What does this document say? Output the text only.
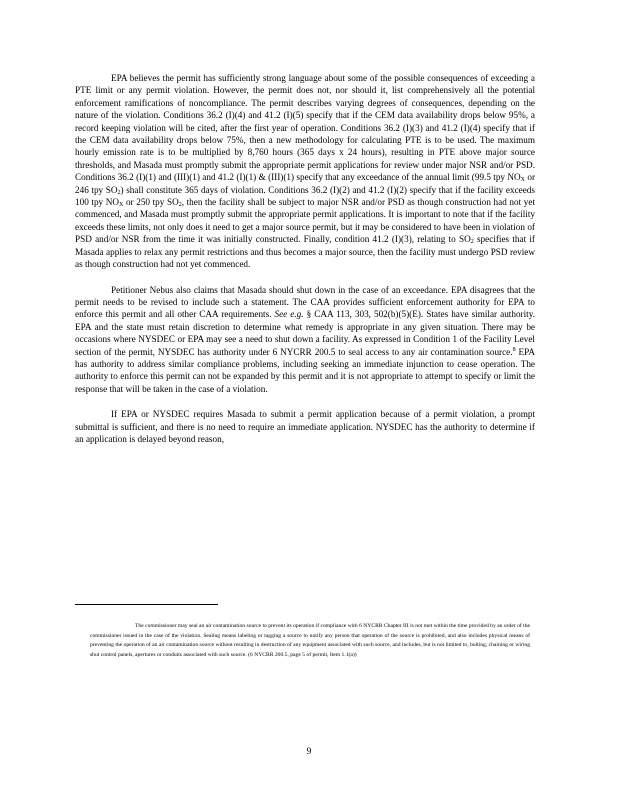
EPA believes the permit has sufficiently strong language about some of the possible consequences of exceeding a PTE limit or any permit violation. However, the permit does not, nor should it, list comprehensively all the potential enforcement ramifications of noncompliance. The permit describes varying degrees of consequences, depending on the nature of the violation. Conditions 36.2 (I)(4) and 41.2 (I)(5) specify that if the CEM data availability drops below 95%, a record keeping violation will be cited, after the first year of operation. Conditions 36.2 (I)(3) and 41.2 (I)(4) specify that if the CEM data availability drops below 75%, then a new methodology for calculating PTE is to be used. The maximum hourly emission rate is to be multiplied by 8,760 hours (365 days x 24 hours), resulting in PTE above major source thresholds, and Masada must promptly submit the appropriate permit applications for review under major NSR and/or PSD. Conditions 36.2 (I)(1) and (III)(1) and 41.2 (I)(1) & (III)(1) specify that any exceedance of the annual limit (99.5 tpy $NO_X$ or 246 tpy $SO_2$) shall constitute 365 days of violation. Conditions 36.2 (I)(2) and 41.2 (I)(2) specify that if the facility exceeds 100 tpy $NO_X$ or 250 tpy $SO_2$, then the facility shall be subject to major NSR and/or PSD as though construction had not yet commenced, and Masada must promptly submit the appropriate permit applications. It is important to note that if the facility exceeds these limits, not only does it need to get a major source permit, but it may be considered to have been in violation of PSD and/or NSR from the time it was initially constructed. Finally, condition 41.2 (I)(3), relating to $SO_2$ specifies that if Masada applies to relax any permit restrictions and thus becomes a major source, then the facility must undergo PSD review as though construction had not yet commenced.

Petitioner Nebus also claims that Masada should shut down in the case of an exceedance. EPA disagrees that the permit needs to be revised to include such a statement. The CAA provides sufficient enforcement authority for EPA to enforce this permit and all other CAA requirements. See e.g. § CAA 113, 303, 502(b)(5)(E). States have similar authority. EPA and the state must retain discretion to determine what remedy is appropriate in any given situation. There may be occasions where NYSDEC or EPA may see a need to shut down a facility. As expressed in Condition 1 of the Facility Level section of the permit, NYSDEC has authority under 6 NYCRR 200.5 to seal access to any air contamination source.$^8$ EPA has authority to address similar compliance problems, including seeking an immediate injunction to cease operation. The authority to enforce this permit can not be expanded by this permit and it is not appropriate to attempt to specify or limit the response that will be taken in the case of a violation.

If EPA or NYSDEC requires Masada to submit a permit application because of a permit violation, a prompt submittal is sufficient, and there is no need to require an immediate application. NYSDEC has the authority to determine if an application is delayed beyond reason,

The commissioner may seal an air contamination source to prevent its operation if compliance with 6 NYCRR Chapter III is not met within the time provided by an order of the commissioner issued in the case of the violation. Sealing means labeling or tagging a source to notify any person that operation of the source is prohibited, and also includes physical means of preventing the operation of an air contamination source without resulting in destruction of any equipment associated with such source, and includes, but is not limited to, bolting, chaining or wiring shut control panels, apertures or conduits associated with such source. (6 NYCRR 200.5, page 5 of permit, Item 1.1(a))
9
